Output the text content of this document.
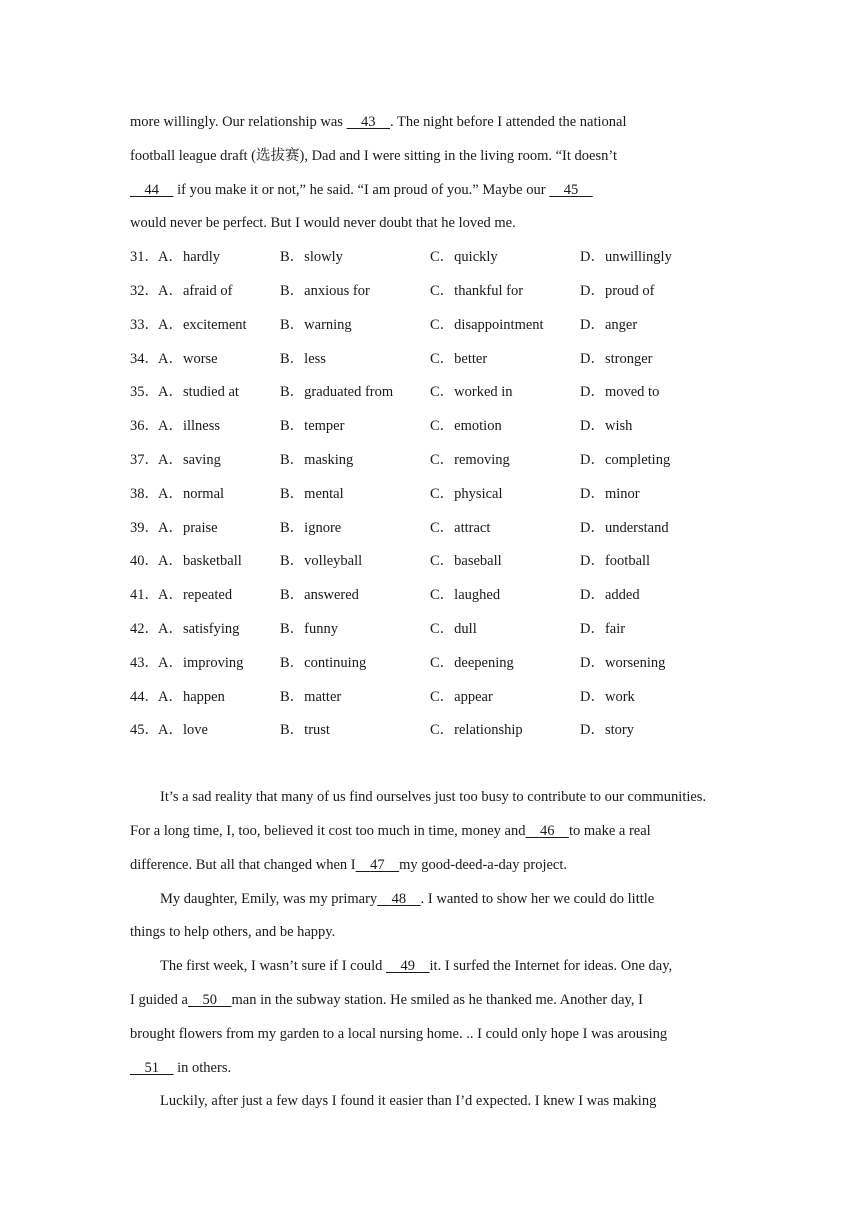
more willingly. Our relationship was 43 . The night before I attended the national
football league draft (选拔赛), Dad and I were sitting in the living room. “It doesn’t
44 if you make it or not,” he said. “I am proud of you.” Maybe our 45
would never be perfect. But I would never doubt that he loved me.
31． A．hardly	B．slowly	C．quickly	D．unwillingly
32． A．afraid of	B．anxious for	C．thankful for	D．proud of
33． A．excitement B．warning	C．disappointment	D．anger
34． A．worse	B．less	C．better	D．stronger
35． A．studied at	B．graduated from	C．worked in	D．moved to
36． A．illness	B．temper	C．emotion	D．wish
37． A．saving	B．masking	C．removing	D．completing
38． A．normal	B．mental	C．physical	D．minor
39． A．praise	B．ignore	C．attract	D．understand
40． A．basketball	B．volleyball	C．baseball	D．football
41． A．repeated	B．answered	C．laughed	D．added
42． A．satisfying	B．funny	C．dull	D．fair
43． A．improving	B．continuing	C．deepening	D．worsening
44． A．happen	B．matter	C．appear	D．work
45． A．love	B．trust	C．relationship	D．story
It’s a sad reality that many of us find ourselves just too busy to contribute to our communities.
For a long time, I, too, believed it cost too much in time, money and 46 to make a real
difference. But all that changed when I 47 my good-deed-a-day project.
My daughter, Emily, was my primary 48 . I wanted to show her we could do little
things to help others, and be happy.
The first week, I wasn’t sure if I could 49 it. I surfed the Internet for ideas. One day,
I guided a 50 man in the subway station. He smiled as he thanked me. Another day, I
brought flowers from my garden to a local nursing home. .. I could only hope I was arousing
51 in others.
Luckily, after just a few days I found it easier than I’d expected. I knew I was making
